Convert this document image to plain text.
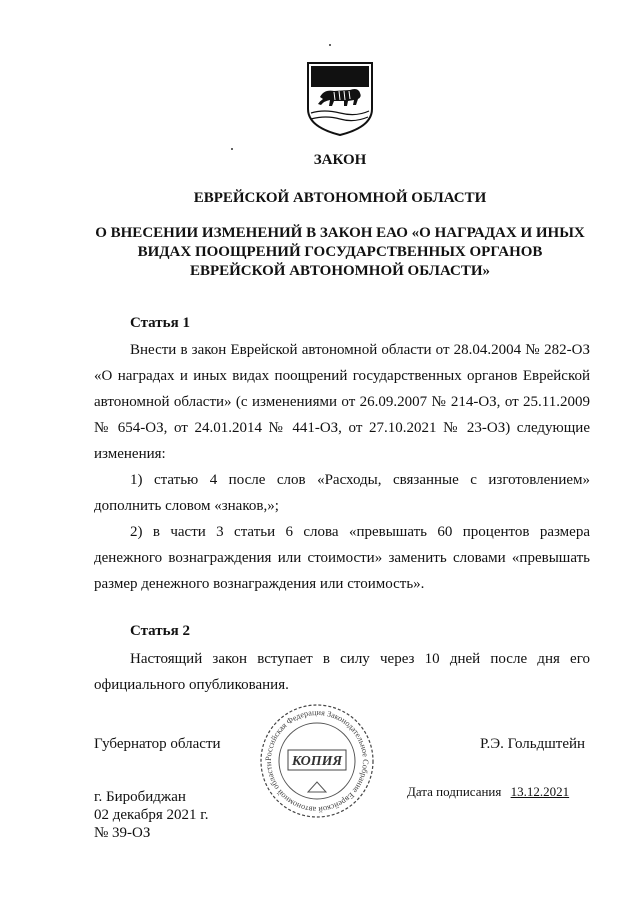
ЗАКОН
ЕВРЕЙСКОЙ АВТОНОМНОЙ ОБЛАСТИ
О ВНЕСЕНИИ ИЗМЕНЕНИЙ В ЗАКОН ЕАО «О НАГРАДАХ И ИНЫХ
ВИДАХ ПООЩРЕНИЙ ГОСУДАРСТВЕННЫХ ОРГАНОВ
ЕВРЕЙСКОЙ АВТОНОМНОЙ ОБЛАСТИ»
Статья 1

Внести в закон Еврейской автономной области от 28.04.2004 № 282-ОЗ «О наградах и иных видах поощрений государственных органов Еврейской автономной области» (с изменениями от 26.09.2007 № 214-ОЗ, от 25.11.2009 № 654-ОЗ, от 24.01.2014 № 441-ОЗ, от 27.10.2021 № 23-ОЗ) следующие изменения:

1) статью 4 после слов «Расходы, связанные с изготовлением» дополнить словом «знаков,»;

2) в части 3 статьи 6 слова «превышать 60 процентов размера денежного вознаграждения или стоимости» заменить словами «превышать размер денежного вознаграждения или стоимость».

Статья 2

Настоящий закон вступает в силу через 10 дней после дня его официального опубликования.

Губернатор области	Р.Э. Гольдштейн
Российская Федерация Законодательное Собрание Еврейской автономной области	КОПИЯ
г. Биробиджан
02 декабря 2021 г.
№ 39-ОЗ
Дата подписания 13.12.2021
